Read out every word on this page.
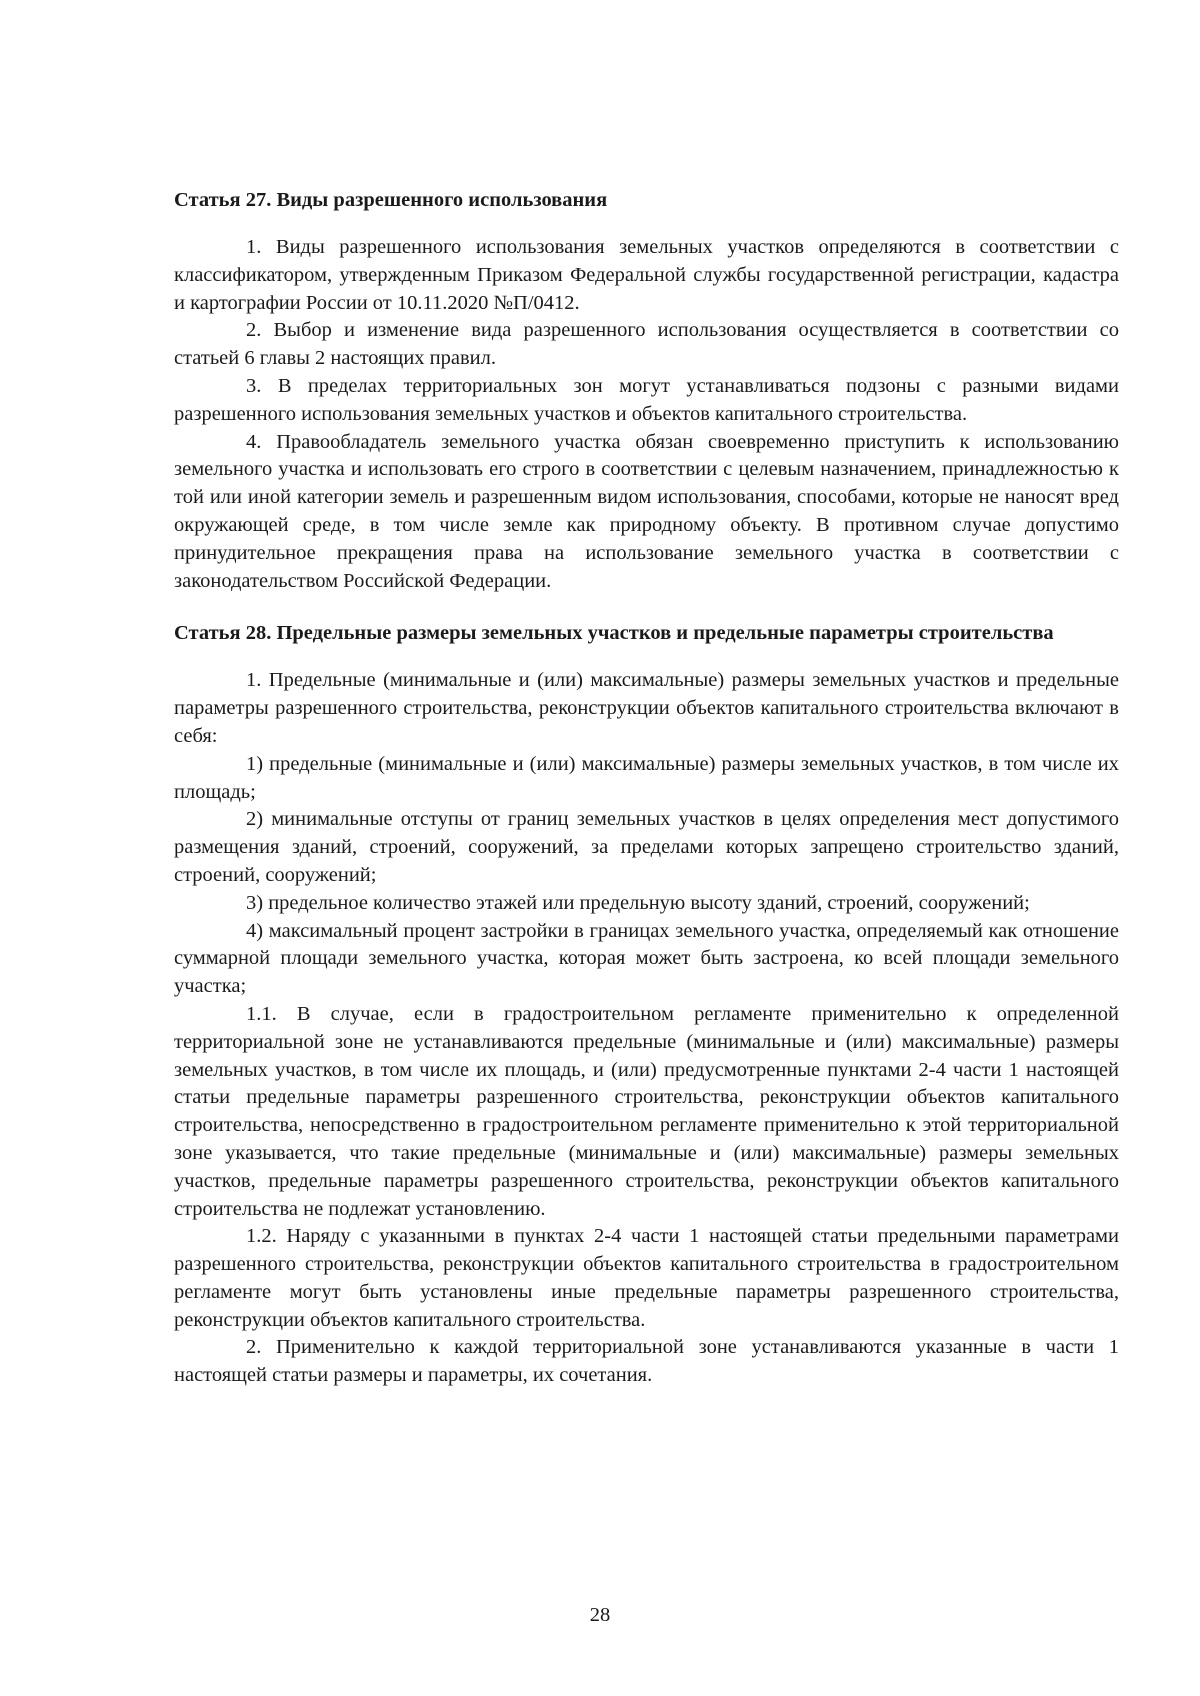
Статья 27. Виды разрешенного использования

1. Виды разрешенного использования земельных участков определяются в соответствии с классификатором, утвержденным Приказом Федеральной службы государственной регистрации, кадастра и картографии России от 10.11.2020 №П/0412.

2. Выбор и изменение вида разрешенного использования осуществляется в соответствии со статьей 6 главы 2 настоящих правил.

3. В пределах территориальных зон могут устанавливаться подзоны с разными видами разрешенного использования земельных участков и объектов капитального строительства.

4. Правообладатель земельного участка обязан своевременно приступить к использованию земельного участка и использовать его строго в соответствии с целевым назначением, принадлежностью к той или иной категории земель и разрешенным видом использования, способами, которые не наносят вред окружающей среде, в том числе земле как природному объекту. В противном случае допустимо принудительное прекращения права на использование земельного участка в соответствии с законодательством Российской Федерации.

Статья 28. Предельные размеры земельных участков и предельные параметры строительства

1. Предельные (минимальные и (или) максимальные) размеры земельных участков и предельные параметры разрешенного строительства, реконструкции объектов капитального строительства включают в себя:

1) предельные (минимальные и (или) максимальные) размеры земельных участков, в том числе их площадь;

2) минимальные отступы от границ земельных участков в целях определения мест допустимого размещения зданий, строений, сооружений, за пределами которых запрещено строительство зданий, строений, сооружений;

3) предельное количество этажей или предельную высоту зданий, строений, сооружений;

4) максимальный процент застройки в границах земельного участка, определяемый как отношение суммарной площади земельного участка, которая может быть застроена, ко всей площади земельного участка;

1.1. В случае, если в градостроительном регламенте применительно к определенной территориальной зоне не устанавливаются предельные (минимальные и (или) максимальные) размеры земельных участков, в том числе их площадь, и (или) предусмотренные пунктами 2-4 части 1 настоящей статьи предельные параметры разрешенного строительства, реконструкции объектов капитального строительства, непосредственно в градостроительном регламенте применительно к этой территориальной зоне указывается, что такие предельные (минимальные и (или) максимальные) размеры земельных участков, предельные параметры разрешенного строительства, реконструкции объектов капитального строительства не подлежат установлению.

1.2. Наряду с указанными в пунктах 2-4 части 1 настоящей статьи предельными параметрами разрешенного строительства, реконструкции объектов капитального строительства в градостроительном регламенте могут быть установлены иные предельные параметры разрешенного строительства, реконструкции объектов капитального строительства.

2. Применительно к каждой территориальной зоне устанавливаются указанные в части 1 настоящей статьи размеры и параметры, их сочетания.

28
